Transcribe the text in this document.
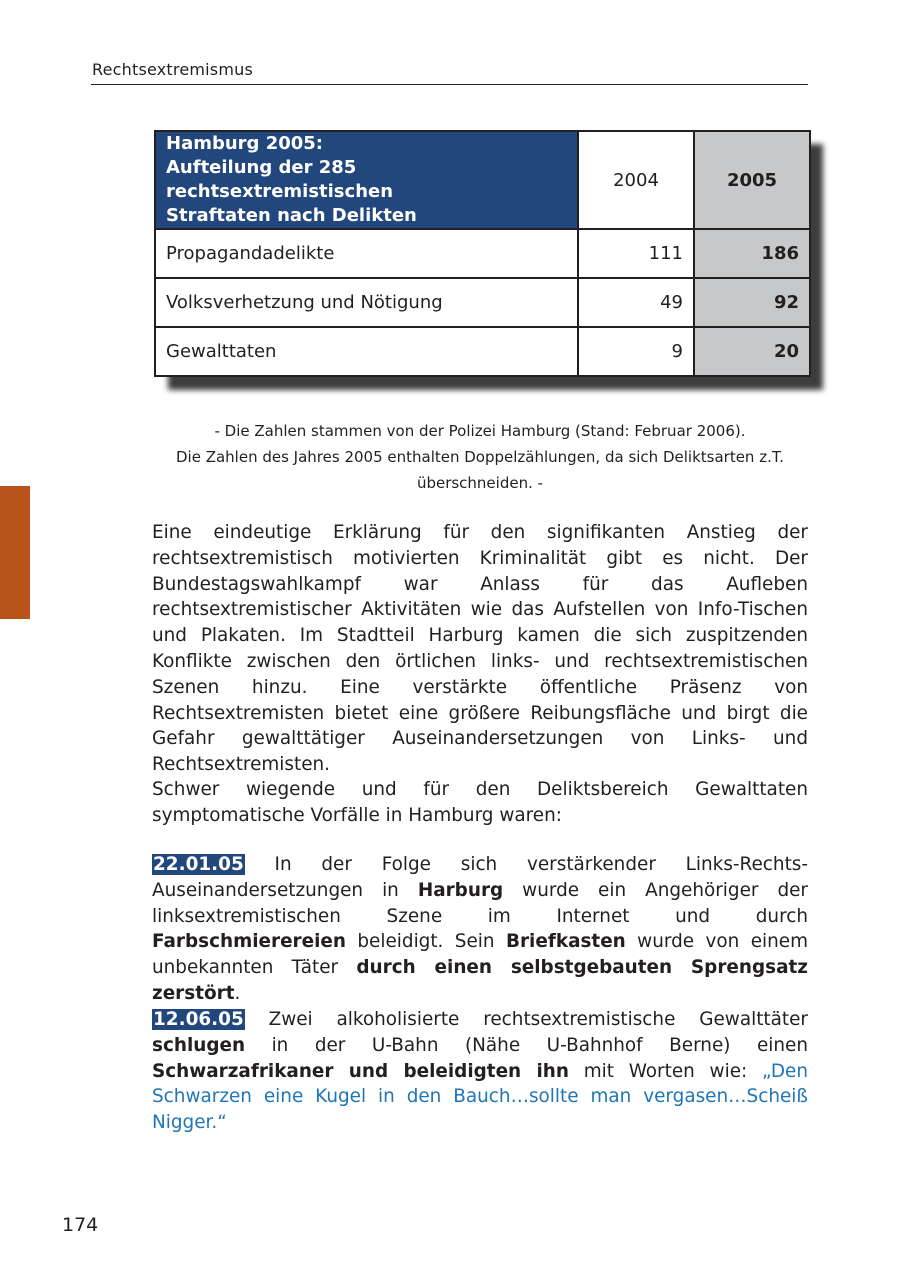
Rechtsextremismus
Hamburg 2005:
Aufteilung der 285 rechtsextremistischen
Straftaten nach Delikten	2004	2005
Propagandadelikte	111	186
Volksverhetzung und Nötigung	49	92
Gewalttaten	9	20
- Die Zahlen stammen von der Polizei Hamburg (Stand: Februar 2006).
Die Zahlen des Jahres 2005 enthalten Doppelzählungen, da sich Deliktsarten z.T.
überschneiden. -
Eine eindeutige Erklärung für den signifikanten Anstieg der rechtsextremistisch motivierten Kriminalität gibt es nicht. Der Bundestagswahlkampf war Anlass für das Aufleben rechtsextremistischer Aktivitäten wie das Aufstellen von Info-Tischen und Plakaten. Im Stadtteil Harburg kamen die sich zuspitzenden Konflikte zwischen den örtlichen links- und rechtsextremistischen Szenen hinzu. Eine verstärkte öffentliche Präsenz von Rechtsextremisten bietet eine größere Reibungsfläche und birgt die Gefahr gewalttätiger Auseinandersetzungen von Links- und Rechtsextremisten.
Schwer wiegende und für den Deliktsbereich Gewalttaten symptomatische Vorfälle in Hamburg waren:
22.01.05 In der Folge sich verstärkender Links-Rechts-Auseinandersetzungen in Harburg wurde ein Angehöriger der linksextremistischen Szene im Internet und durch Farbschmierereien beleidigt. Sein Briefkasten wurde von einem unbekannten Täter durch einen selbstgebauten Sprengsatz zerstört.
12.06.05 Zwei alkoholisierte rechtsextremistische Gewalttäter schlugen in der U-Bahn (Nähe U-Bahnhof Berne) einen Schwarzafrikaner und beleidigten ihn mit Worten wie: „Den Schwarzen eine Kugel in den Bauch…sollte man vergasen…Scheiß Nigger.“
174
